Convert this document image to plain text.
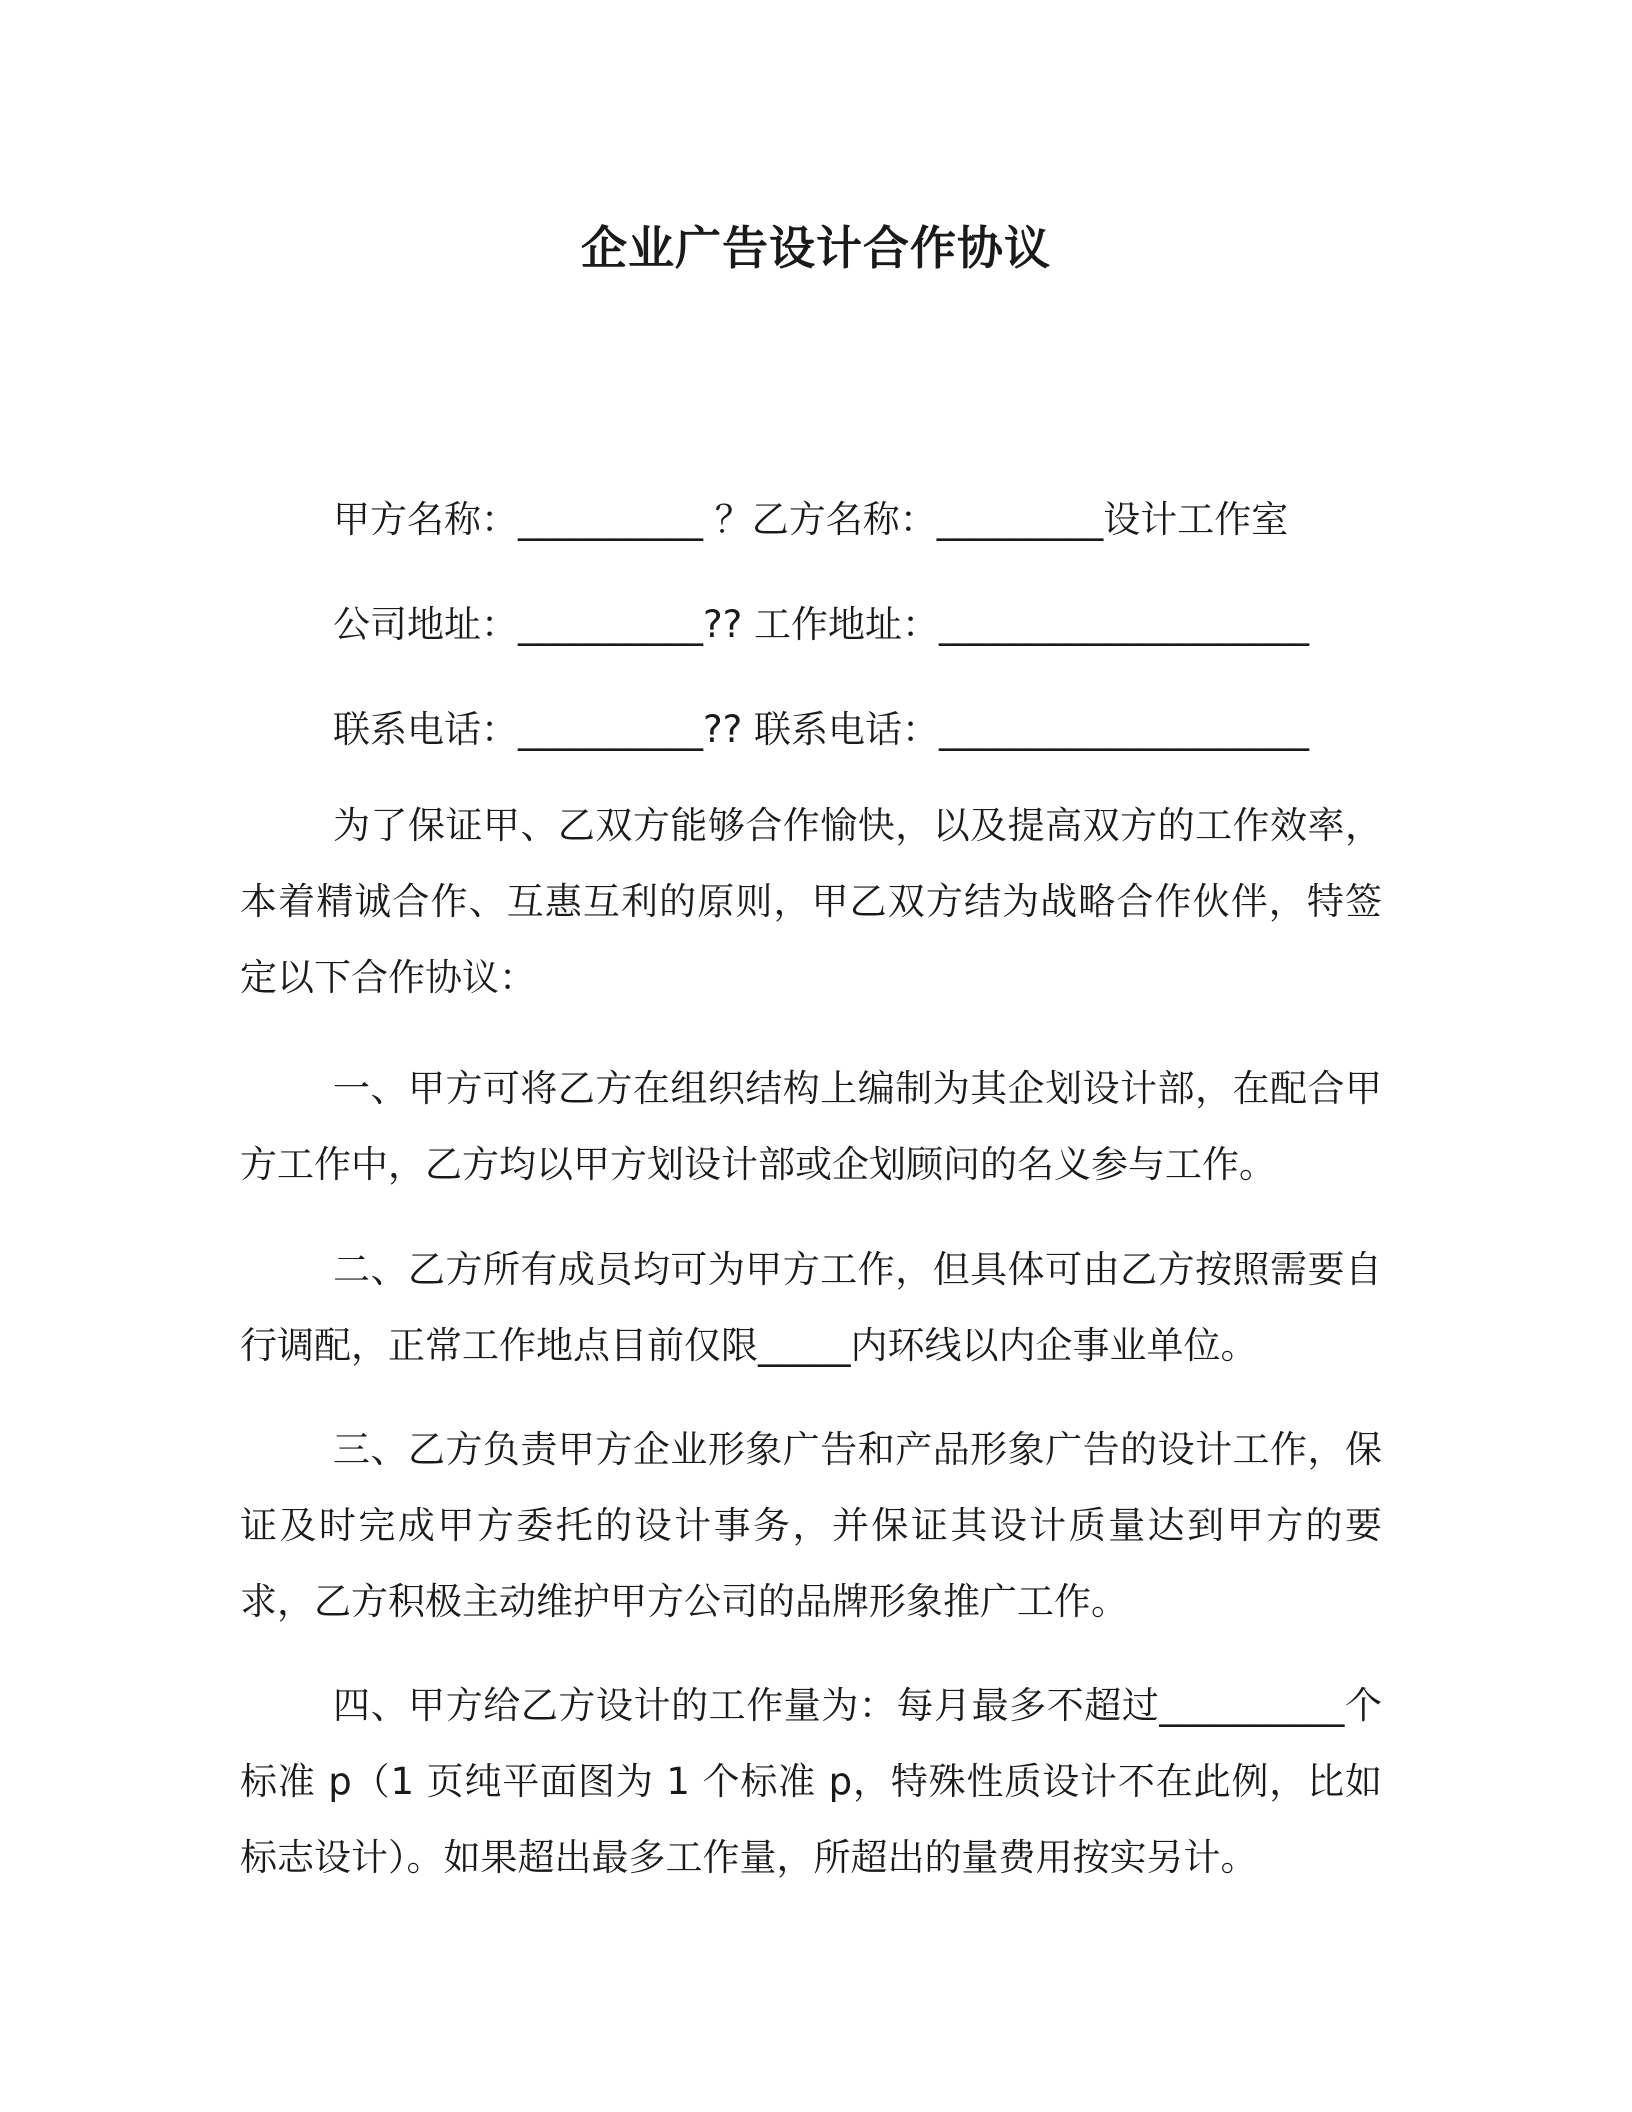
企业广告设计合作协议
甲方名称：__________ ？乙方名称：_________设计工作室
公司地址：__________?? 工作地址：____________________
联系电话：__________?? 联系电话：____________________

为了保证甲、乙双方能够合作愉快，以及提高双方的工作效率，本着精诚合作、互惠互利的原则，甲乙双方结为战略合作伙伴，特签定以下合作协议：

一、甲方可将乙方在组织结构上编制为其企划设计部，在配合甲方工作中，乙方均以甲方划设计部或企划顾问的名义参与工作。

二、乙方所有成员均可为甲方工作，但具体可由乙方按照需要自行调配，正常工作地点目前仅限_____内环线以内企事业单位。

三、乙方负责甲方企业形象广告和产品形象广告的设计工作，保证及时完成甲方委托的设计事务，并保证其设计质量达到甲方的要求，乙方积极主动维护甲方公司的品牌形象推广工作。

四、甲方给乙方设计的工作量为：每月最多不超过__________个标准 p（1 页纯平面图为 1 个标准 p，特殊性质设计不在此例，比如标志设计）。如果超出最多工作量，所超出的量费用按实另计。
